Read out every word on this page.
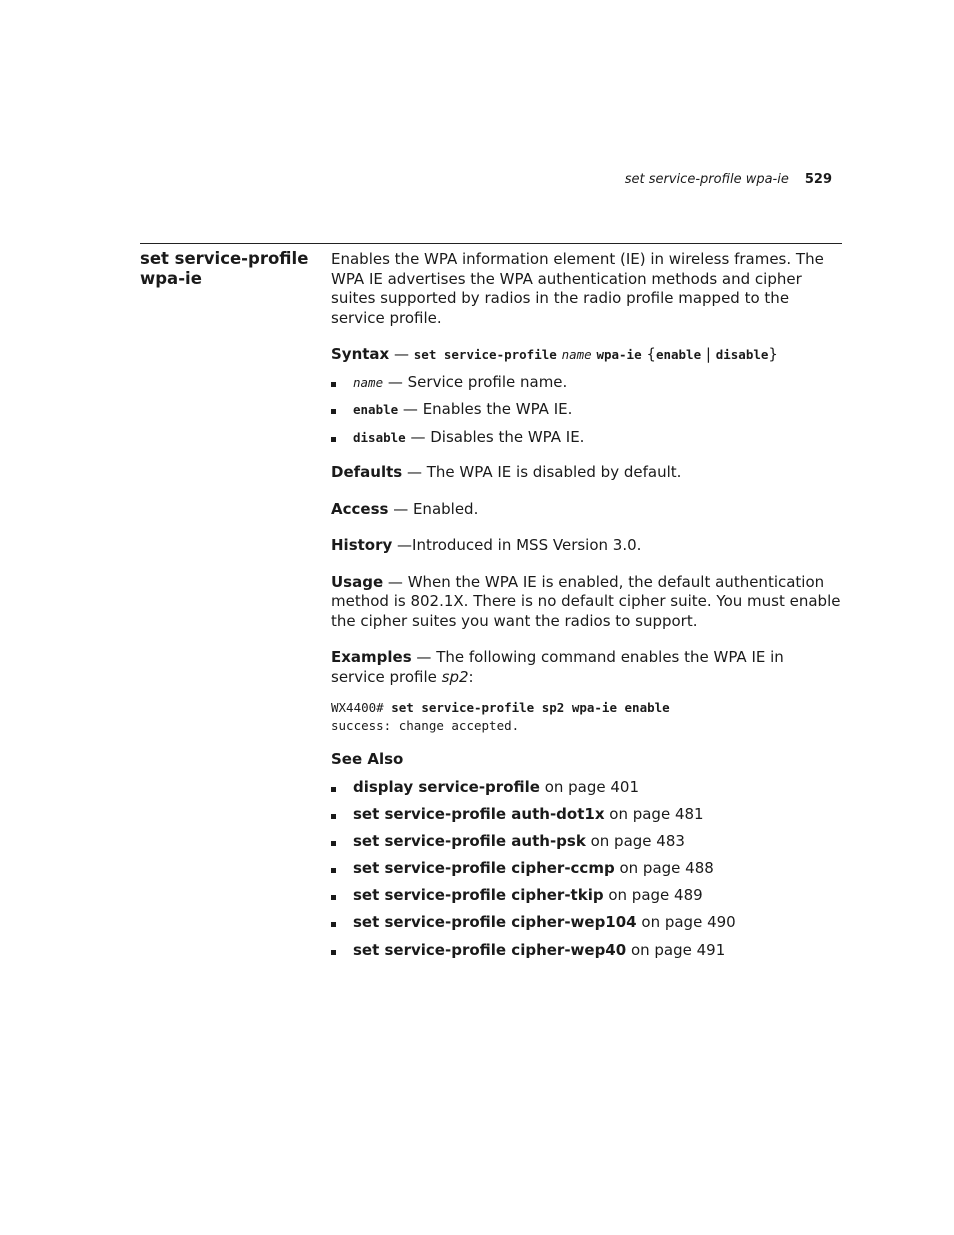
set service-profile wpa-ie 529
set service-profile wpa-ie

Enables the WPA information element (IE) in wireless frames. The WPA IE advertises the WPA authentication methods and cipher suites supported by radios in the radio profile mapped to the service profile.

Syntax — set service-profile name wpa-ie {enable | disable}

name — Service profile name.
enable — Enables the WPA IE.
disable — Disables the WPA IE.

Defaults — The WPA IE is disabled by default.

Access — Enabled.

History —Introduced in MSS Version 3.0.

Usage — When the WPA IE is enabled, the default authentication method is 802.1X. There is no default cipher suite. You must enable the cipher suites you want the radios to support.

Examples — The following command enables the WPA IE in service profile sp2:

WX4400# set service-profile sp2 wpa-ie enable
success: change accepted.

See Also

display service-profile on page 401
set service-profile auth-dot1x on page 481
set service-profile auth-psk on page 483
set service-profile cipher-ccmp on page 488
set service-profile cipher-tkip on page 489
set service-profile cipher-wep104 on page 490
set service-profile cipher-wep40 on page 491
